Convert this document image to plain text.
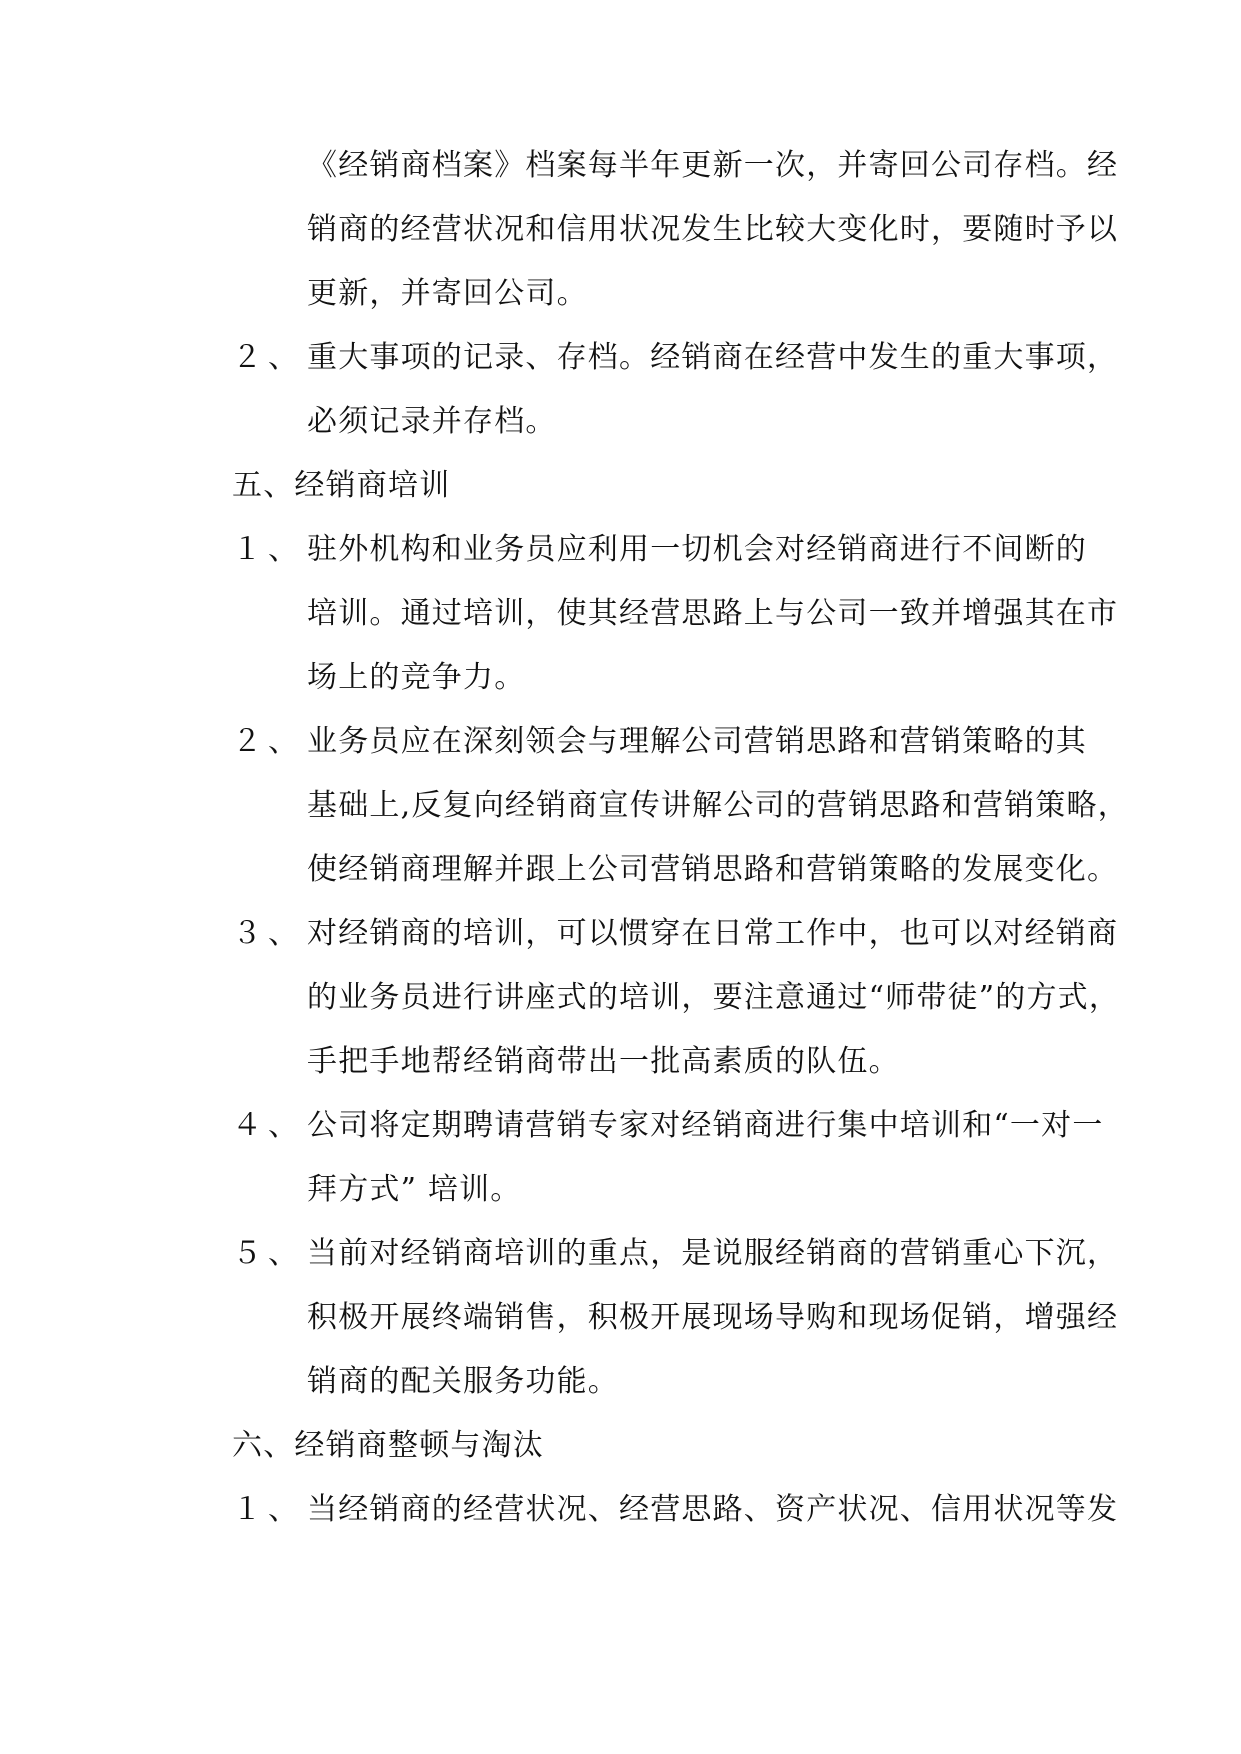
《经销商档案》档案每半年更新一次，并寄回公司存档。经
销商的经营状况和信用状况发生比较大变化时，要随时予以
更新，并寄回公司。
２、 重大事项的记录、存档。经销商在经营中发生的重大事项，
必须记录并存档。
五、经销商培训
１、 驻外机构和业务员应利用一切机会对经销商进行不间断的
培训。通过培训，使其经营思路上与公司一致并增强其在市
场上的竞争力。
２、 业务员应在深刻领会与理解公司营销思路和营销策略的其
基础上,反复向经销商宣传讲解公司的营销思路和营销策略，
使经销商理解并跟上公司营销思路和营销策略的发展变化。
３、 对经销商的培训，可以惯穿在日常工作中，也可以对经销商
的业务员进行讲座式的培训，要注意通过“师带徒”的方式，
手把手地帮经销商带出一批高素质的队伍。
４、 公司将定期聘请营销专家对经销商进行集中培训和“一对一
拜方式” 培训。
５、 当前对经销商培训的重点，是说服经销商的营销重心下沉，
积极开展终端销售，积极开展现场导购和现场促销，增强经
销商的配关服务功能。
六、经销商整顿与淘汰
１、 当经销商的经营状况、经营思路、资产状况、信用状况等发
